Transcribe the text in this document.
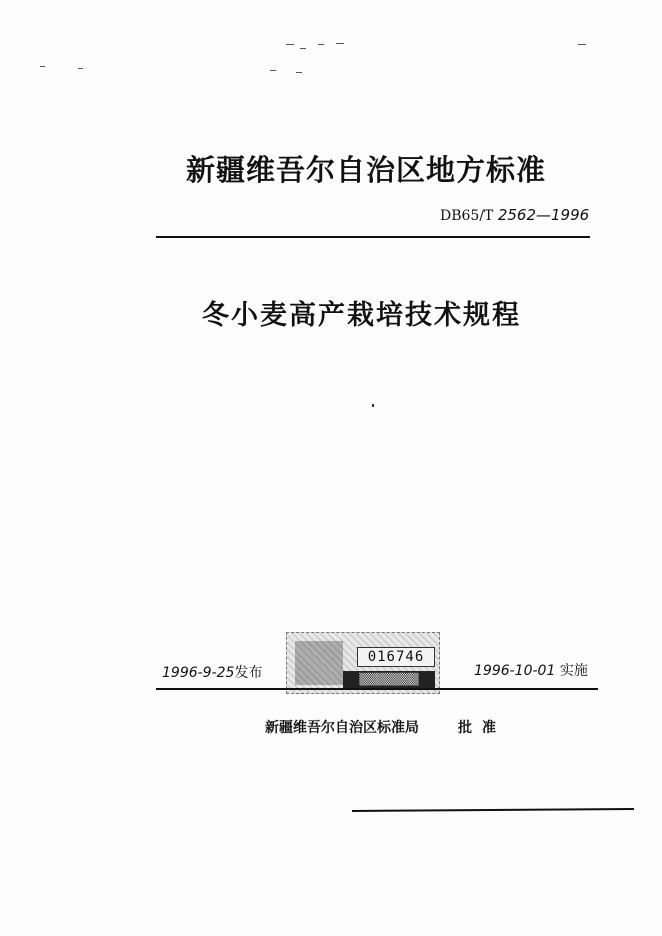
新疆维吾尔自治区地方标准
DB65/T 2562—1996
冬小麦高产栽培技术规程
1996-9-25发布
016746
▒▒▒▒▒▒▒
1996-10-01 实施
新疆维吾尔自治区标准局	批准
